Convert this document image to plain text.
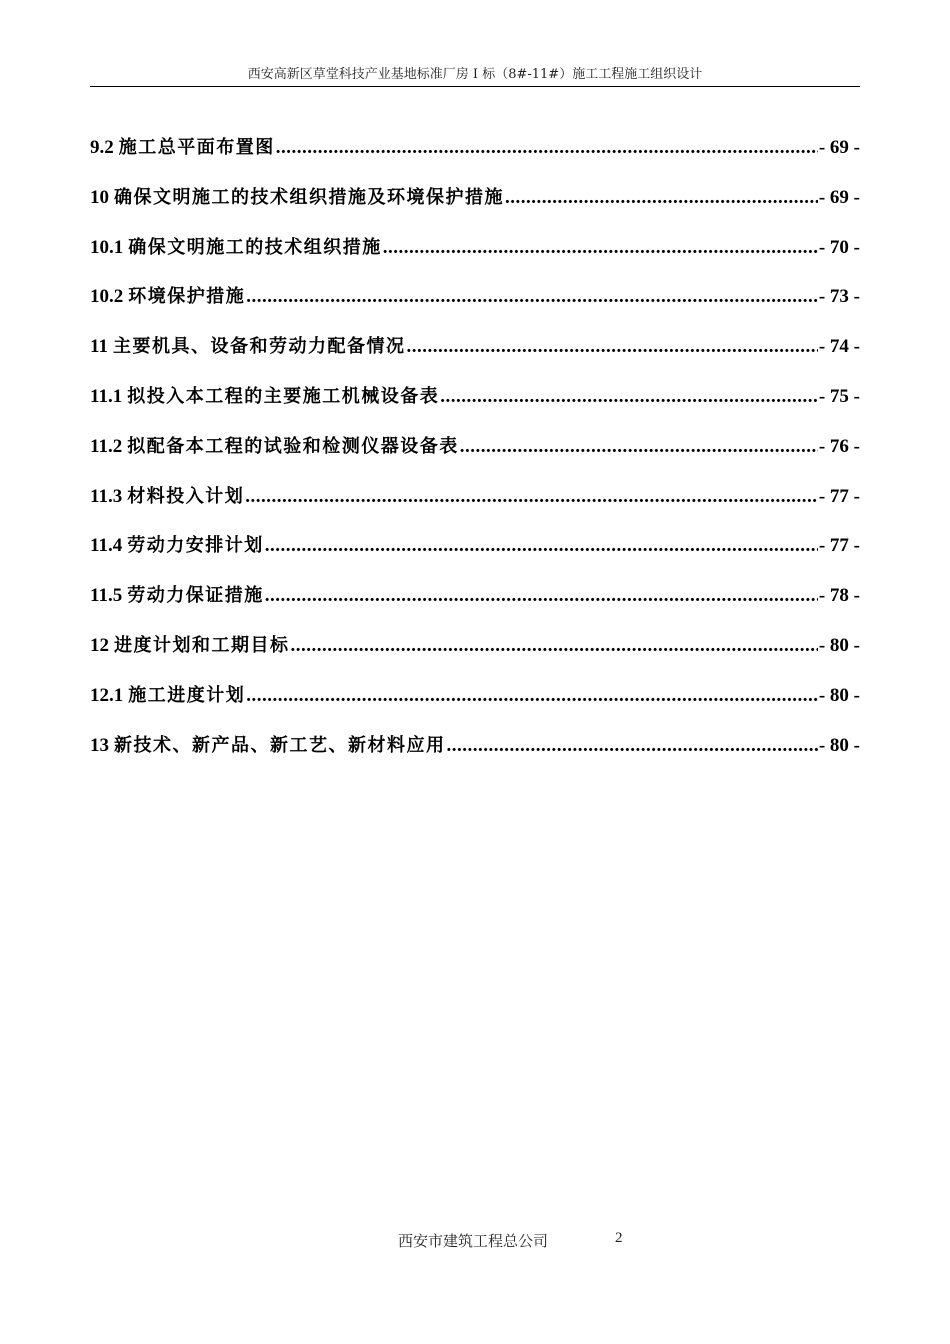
西安高新区草堂科技产业基地标准厂房 I 标（8#-11#）施工工程施工组织设计
9.2 施工总平面布置图 .....	- 69 -
10 确保文明施工的技术组织措施及环境保护措施 .....	- 69 -
10.1 确保文明施工的技术组织措施 .....	- 70 -
10.2 环境保护措施 .....	- 73 -
11 主要机具、设备和劳动力配备情况 .....	- 74 -
11.1 拟投入本工程的主要施工机械设备表 .....	- 75 -
11.2 拟配备本工程的试验和检测仪器设备表 .....	- 76 -
11.3 材料投入计划 .....	- 77 -
11.4 劳动力安排计划 .....	- 77 -
11.5 劳动力保证措施 .....	- 78 -
12 进度计划和工期目标 .....	- 80 -
12.1 施工进度计划 .....	- 80 -
13 新技术、新产品、新工艺、新材料应用 .....	- 80 -
西安市建筑工程总公司	2
